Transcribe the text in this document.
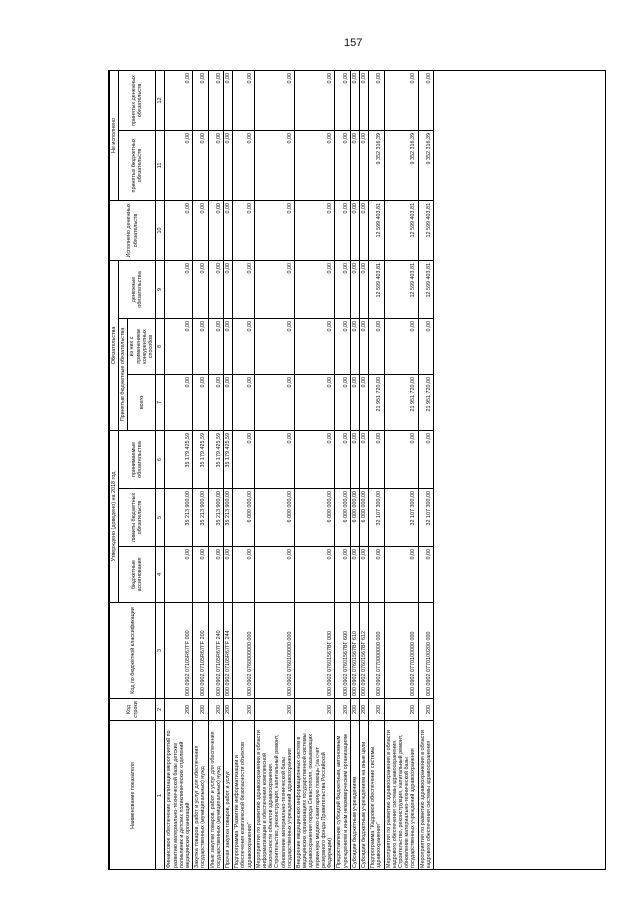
157
Наименование показателя	Код строки	Код по бюджетной классификации	Утверждено (доведено) на 2018 год			Обязательства			Исполнено денежных обязательств	Не исполнено	
			бюджетные ассигнования	лимиты бюджетных обязательств	принимаемые обязательства	Принятые бюджетные обязательства		денежные обязательства		принятых бюджетных обязательств	принятых денежных обязательств
						всего	из них с применением конкурентных способов				
1	2	3	4	5	6	7	8	9	10	11	12
Финансовое обеспечение реализации мероприятий по развитию материально-технической базы детских поликлиник и детских поликлинических отделений медицинских организаций	200	000 0902 07105R67ГF 000	0,00	35 213 900,00	35 179 425,59	0,00	0,00	0,00	0,00	0,00	0,00
Закупка товаров, работ и услуг для обеспечения государственных (муниципальных) нужд	200	000 0902 07105R67ГF 200	0,00	35 213 900,00	35 179 425,59	0,00	0,00	0,00	0,00	0,00	0,00
Иные закупки товаров, работ и услуг для обеспечения государственных (муниципальных) нужд	200	000 0902 07105R67ГF 240	0,00	35 213 900,00	35 179 425,59	0,00	0,00	0,00	0,00	0,00	0,00
Прочая закупка товаров, работ и услуг	200	000 0902 07105R67ГF 244	0,00	35 213 900,00	35 179 425,59	0,00	0,00	0,00	0,00	0,00	0,00
Подпрограмма "Развитие информатизации и обеспечения комплексной безопасности объектов здравоохранения"	200	000 0902 0760000000 000	0,00	6 000 000,00	0,00	0,00	0,00	0,00	0,00	0,00	0,00
Мероприятия по развитию здравоохранения в области информатизации и обеспечения комплексной безопасности объектов здравоохранения. Строительство, реконструкция, капитальный ремонт, обновление материально-технической базы государственных учреждений здравоохранения	200	000 0902 0760100000 000	0,00	6 000 000,00	0,00	0,00	0,00	0,00	0,00	0,00	0,00
Внедрение медицинских информационных систем в медицинских организациях государственной системы здравоохранения города Севастополя, оказывающих первичную медико-санитарную помощь (за счет резервного фонда Правительства Российской Федерации)	200	000 0902 07601567ВГ 000	0,00	6 000 000,00	0,00	0,00	0,00	0,00	0,00	0,00	0,00
Предоставление субсидий бюджетным, автономным учреждениям и иным некоммерческим организациям	200	000 0902 07601567ВГ 600	0,00	6 000 000,00	0,00	0,00	0,00	0,00	0,00	0,00	0,00
Субсидии бюджетным учреждениям	200	000 0902 07601567ВГ 610	0,00	6 000 000,00	0,00	0,00	0,00	0,00	0,00	0,00	0,00
Субсидии бюджетным учреждениям на иные цели	200	000 0902 07601567ВГ 612	0,00	6 000 000,00	0,00	0,00	0,00	0,00	0,00	0,00	0,00
Подпрограмма "Кадровое обеспечение системы здравоохранения"	200	000 0902 0770000000 000	0,00	32 107 300,00	0,00	21 951 720,00	0,00	12 599 403,81	12 599 403,81	9 352 316,39	0,00
Мероприятия по развитию здравоохранения в области кадрового обеспечения системы здравоохранения. Строительство, реконструкция, капитальный ремонт, обновление материально-технической базы государственных учреждений здравоохранения	200	000 0902 0770100000 000	0,00	32 107 300,00	0,00	21 951 720,00	0,00	12 599 403,81	12 599 403,81	9 352 316,39	0,00
Мероприятия по развитию здравоохранения в области кадрового обеспечения системы здравоохранения	200	000 0902 0770100200 000	0,00	32 107 300,00	0,00	21 951 720,00	0,00	12 599 403,81	12 599 403,81	9 352 316,39	0,00
